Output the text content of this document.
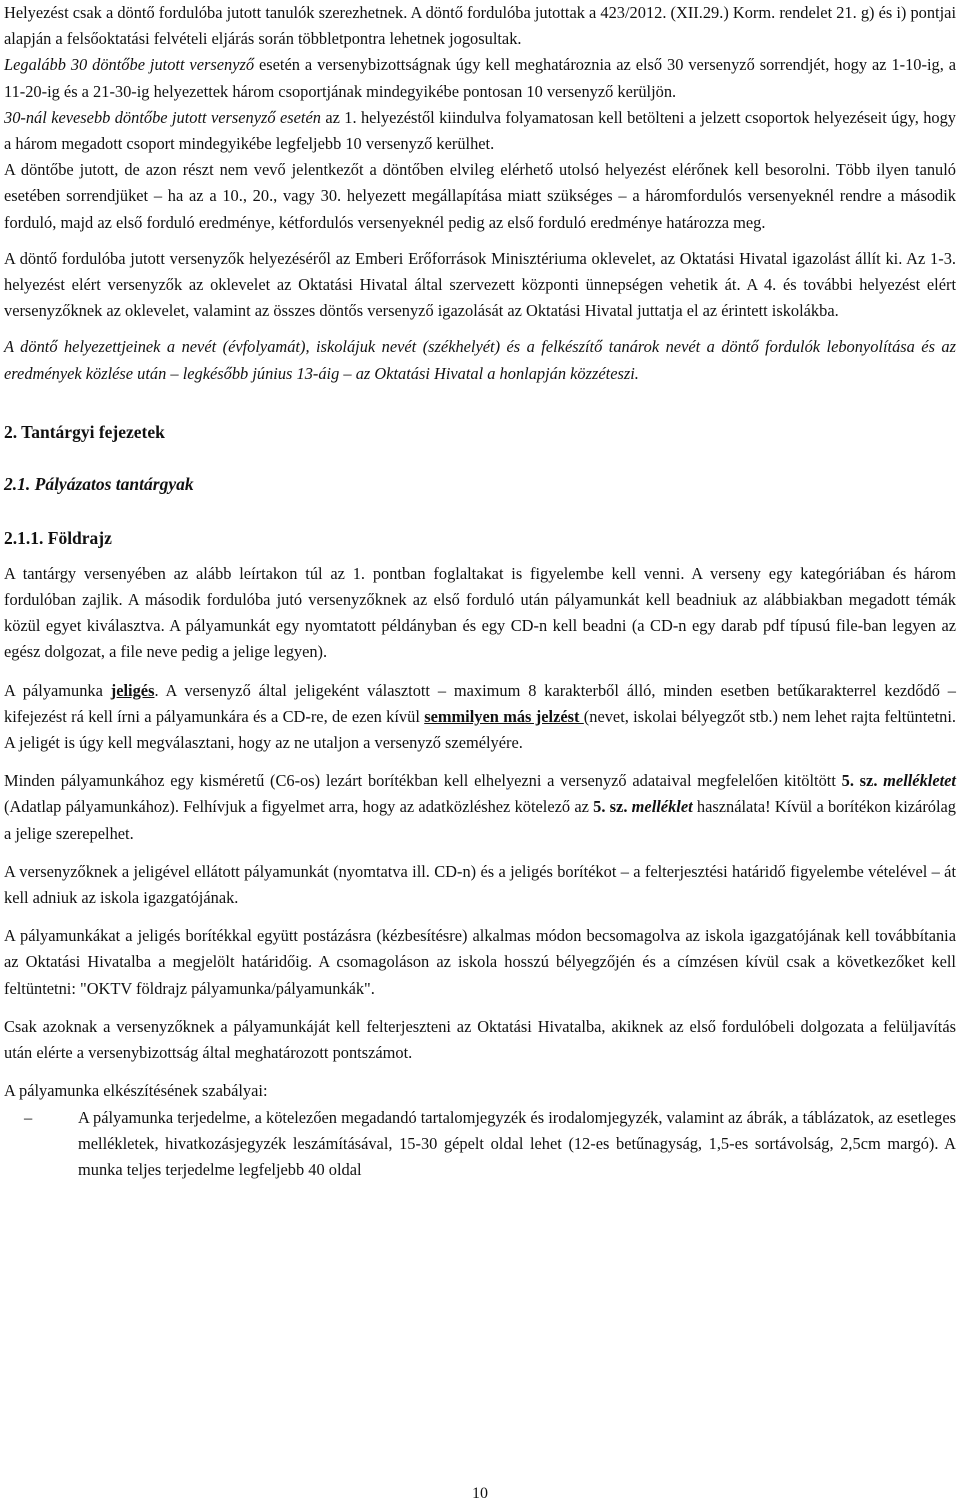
Helyezést csak a döntő fordulóba jutott tanulók szerezhetnek. A döntő fordulóba jutottak a 423/2012. (XII.29.) Korm. rendelet 21. g) és i) pontjai alapján a felsőoktatási felvételi eljárás során többletpontra lehetnek jogosultak.

Legalább 30 döntőbe jutott versenyző esetén a versenybizottságnak úgy kell meghatároznia az első 30 versenyző sorrendjét, hogy az 1-10-ig, a 11-20-ig és a 21-30-ig helyezettek három csoportjának mindegyikébe pontosan 10 versenyző kerüljön.

30-nál kevesebb döntőbe jutott versenyző esetén az 1. helyezéstől kiindulva folyamatosan kell betölteni a jelzett csoportok helyezéseit úgy, hogy a három megadott csoport mindegyikébe legfeljebb 10 versenyző kerülhet.

A döntőbe jutott, de azon részt nem vevő jelentkezőt a döntőben elvileg elérhető utolsó helyezést elérőnek kell besorolni. Több ilyen tanuló esetében sorrendjüket – ha az a 10., 20., vagy 30. helyezett megállapítása miatt szükséges – a háromfordulós versenyeknél rendre a második forduló, majd az első forduló eredménye, kétfordulós versenyeknél pedig az első forduló eredménye határozza meg.

A döntő fordulóba jutott versenyzők helyezéséről az Emberi Erőforrások Minisztériuma oklevelet, az Oktatási Hivatal igazolást állít ki. Az 1-3. helyezést elért versenyzők az oklevelet az Oktatási Hivatal által szervezett központi ünnepségen vehetik át. A 4. és további helyezést elért versenyzőknek az oklevelet, valamint az összes döntős versenyző igazolását az Oktatási Hivatal juttatja el az érintett iskolákba.

A döntő helyezettjeinek a nevét (évfolyamát), iskolájuk nevét (székhelyét) és a felkészítő tanárok nevét a döntő fordulók lebonyolítása és az eredmények közlése után – legkésőbb június 13-áig – az Oktatási Hivatal a honlapján közzéteszi.

2. Tantárgyi fejezetek
2.1. Pályázatos tantárgyak
2.1.1. Földrajz

A tantárgy versenyében az alább leírtakon túl az 1. pontban foglaltakat is figyelembe kell venni. A verseny egy kategóriában és három fordulóban zajlik. A második fordulóba jutó versenyzőknek az első forduló után pályamunkát kell beadniuk az alábbiakban megadott témák közül egyet kiválasztva. A pályamunkát egy nyomtatott példányban és egy CD-n kell beadni (a CD-n egy darab pdf típusú file-ban legyen az egész dolgozat, a file neve pedig a jelige legyen).

A pályamunka jeligés. A versenyző által jeligeként választott – maximum 8 karakterből álló, minden esetben betűkarakterrel kezdődő – kifejezést rá kell írni a pályamunkára és a CD-re, de ezen kívül semmilyen más jelzést (nevet, iskolai bélyegzőt stb.) nem lehet rajta feltüntetni. A jeligét is úgy kell megválasztani, hogy az ne utaljon a versenyző személyére.

Minden pályamunkához egy kisméretű (C6-os) lezárt borítékban kell elhelyezni a versenyző adataival megfelelően kitöltött 5. sz. mellékletet (Adatlap pályamunkához). Felhívjuk a figyelmet arra, hogy az adatközléshez kötelező az 5. sz. melléklet használata! Kívül a borítékon kizárólag a jelige szerepelhet.

A versenyzőknek a jeligével ellátott pályamunkát (nyomtatva ill. CD-n) és a jeligés borítékot – a felterjesztési határidő figyelembe vételével – át kell adniuk az iskola igazgatójának.

A pályamunkákat a jeligés borítékkal együtt postázásra (kézbesítésre) alkalmas módon becsomagolva az iskola igazgatójának kell továbbítania az Oktatási Hivatalba a megjelölt határidőig. A csomagoláson az iskola hosszú bélyegzőjén és a címzésen kívül csak a következőket kell feltüntetni: "OKTV földrajz pályamunka/pályamunkák".

Csak azoknak a versenyzőknek a pályamunkáját kell felterjeszteni az Oktatási Hivatalba, akiknek az első fordulóbeli dolgozata a felüljavítás után elérte a versenybizottság által meghatározott pontszámot.

A pályamunka elkészítésének szabályai:

–	A pályamunka terjedelme, a kötelezően megadandó tartalomjegyzék és irodalomjegyzék, valamint az ábrák, a táblázatok, az esetleges mellékletek, hivatkozásjegyzék leszámításával, 15-30 gépelt oldal lehet (12-es betűnagyság, 1,5-es sortávolság, 2,5cm margó). A munka teljes terjedelme legfeljebb 40 oldal

10
